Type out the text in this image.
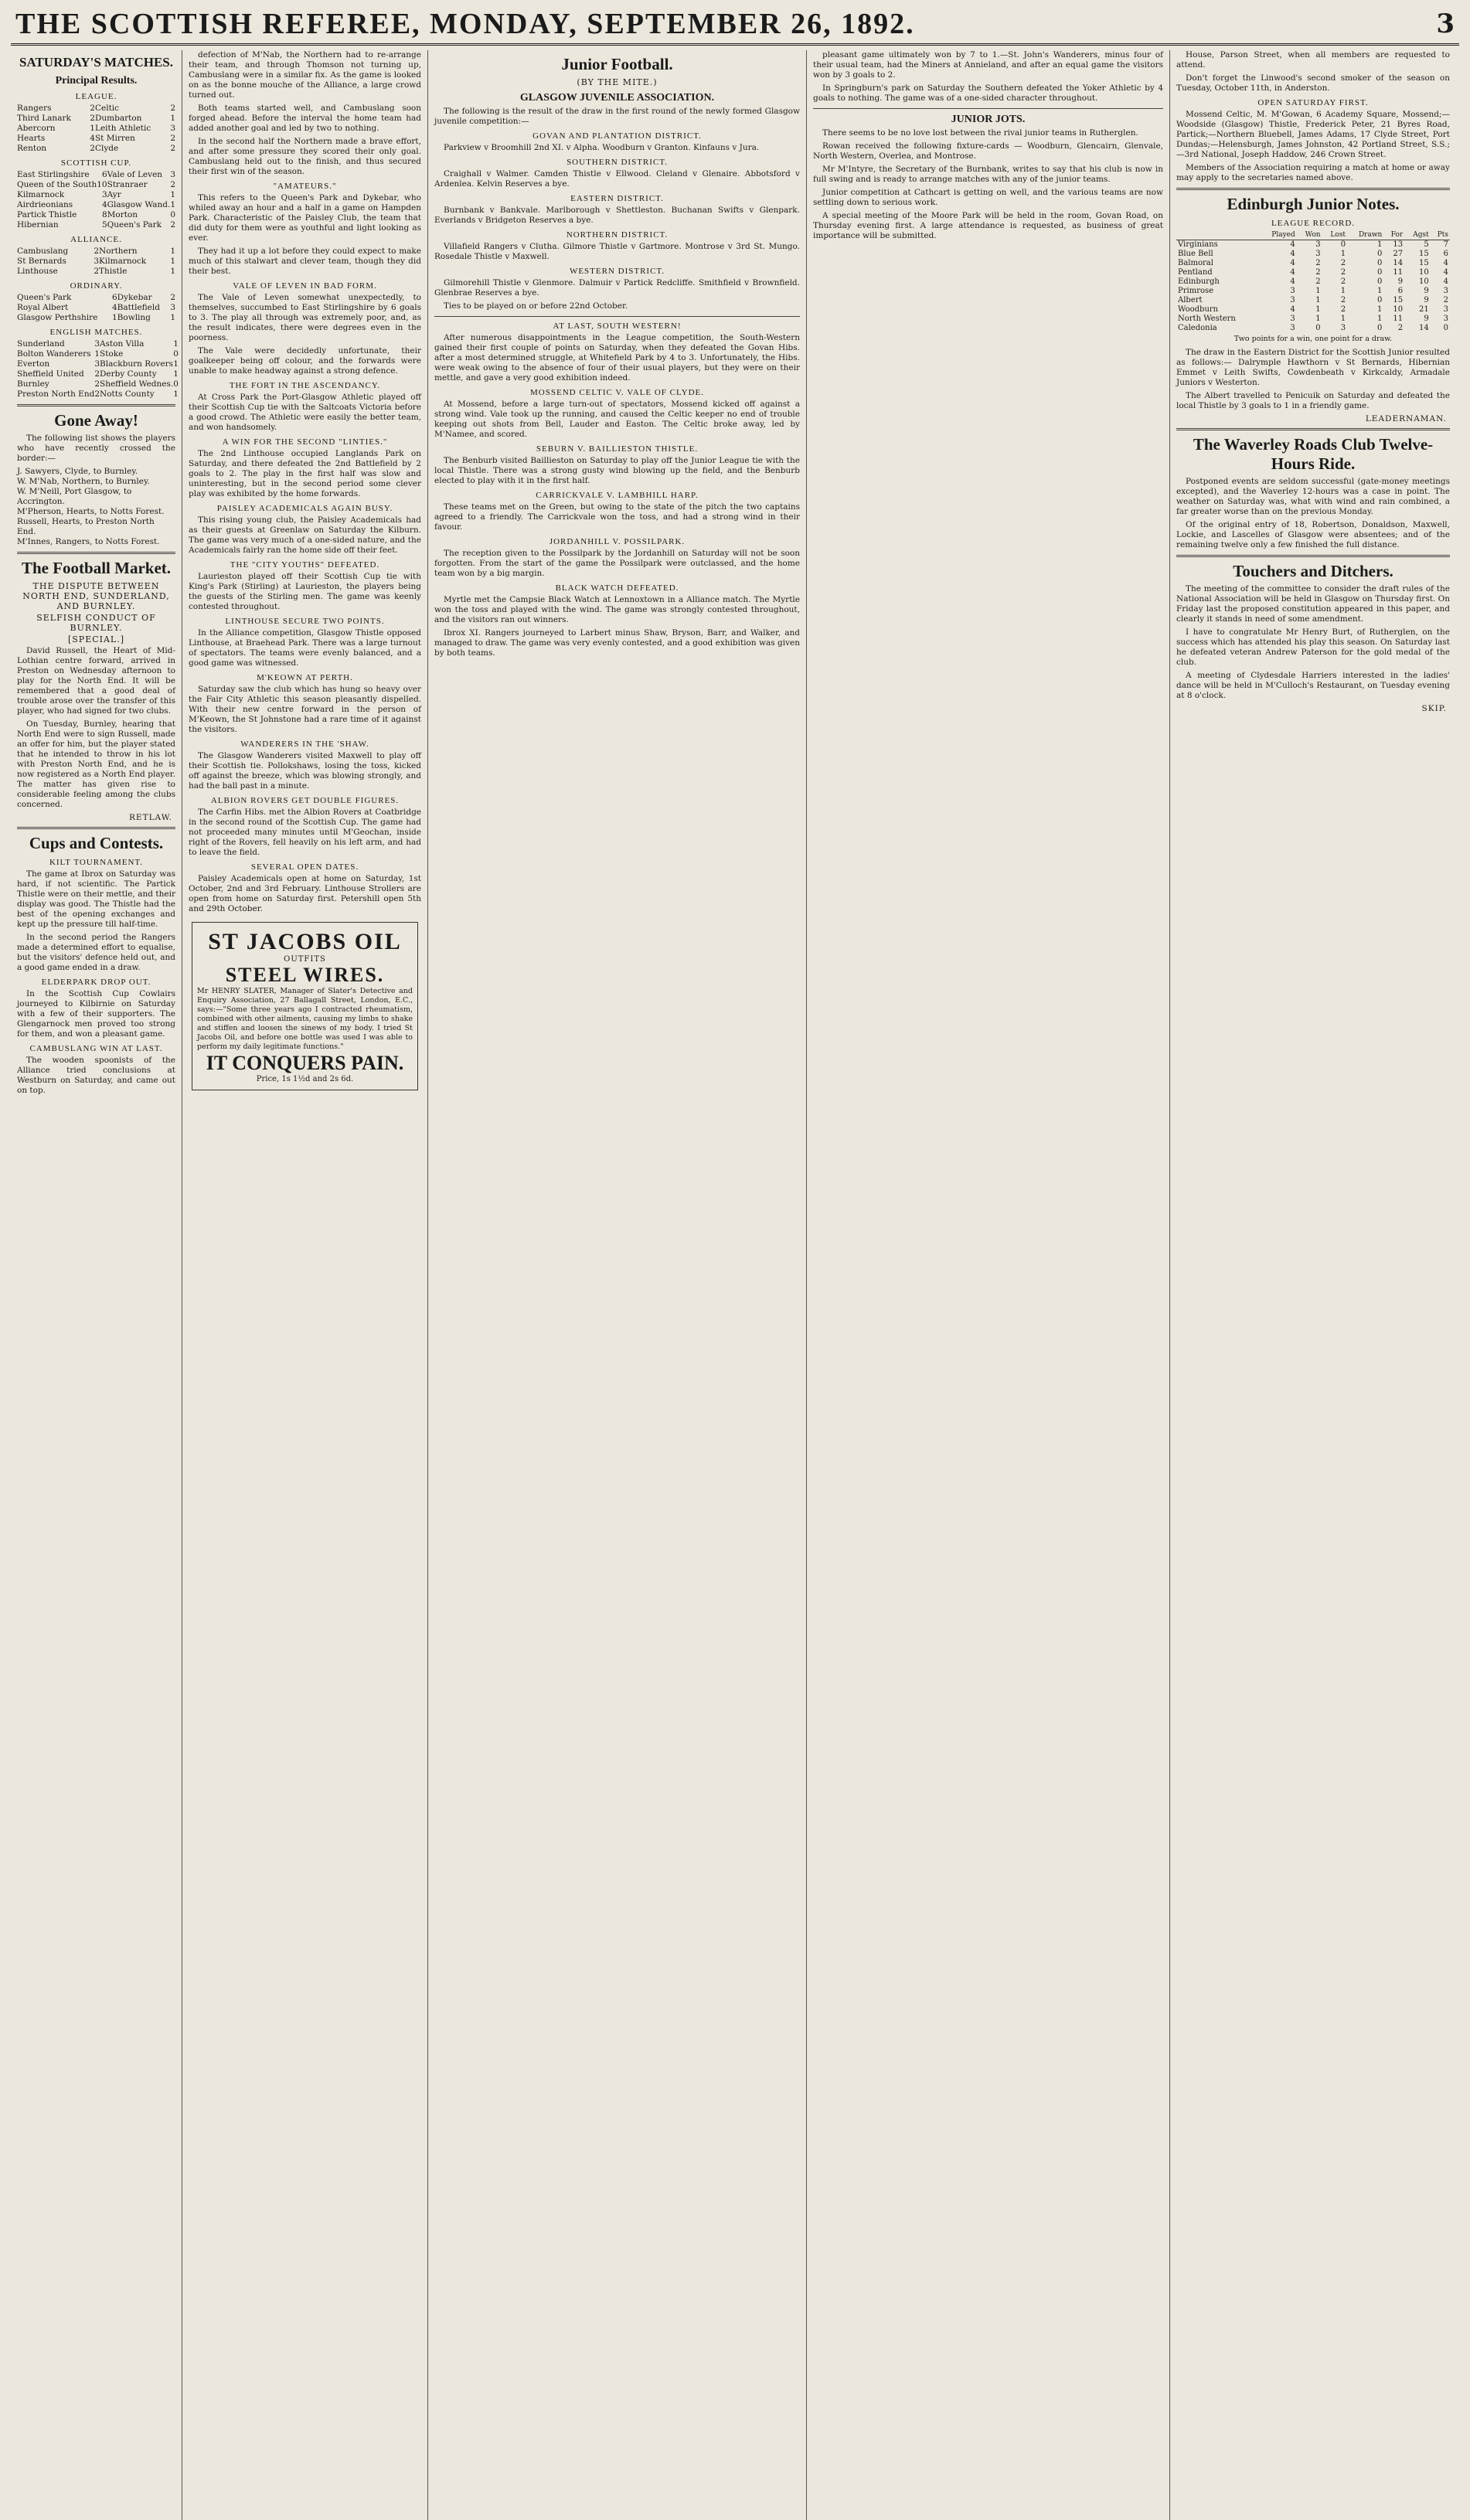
THE SCOTTISH REFEREE, MONDAY, SEPTEMBER 26, 1892.	3
SATURDAY'S MATCHES.
Principal Results.
LEAGUE.
Rangers	2	Celtic	2
Third Lanark	2	Dumbarton	1
Abercorn	1	Leith Athletic	3
Hearts	4	St Mirren	2
Renton	2	Clyde	2
SCOTTISH CUP.
East Stirlingshire	6	Vale of Leven	3
Queen of the South	10	Stranraer	2
Kilmarnock	3	Ayr	1
Airdrieonians	4	Glasgow Wand.	1
Partick Thistle	8	Morton	0
Hibernian	5	Queen's Park	2
ALLIANCE.
Cambuslang	2	Northern	1
St Bernards	3	Kilmarnock	1
Linthouse	2	Thistle	1
ORDINARY.
Queen's Park	6	Dykebar	2
Royal Albert	4	Battlefield	3
Glasgow Perthshire	1	Bowling	1
ENGLISH MATCHES.
Sunderland	3	Aston Villa	1
Bolton Wanderers	1	Stoke	0
Everton	3	Blackburn Rovers	1
Sheffield United	2	Derby County	1
Burnley	2	Sheffield Wednes.	0
Preston North End	2	Notts County	1
Gone Away!

The following list shows the players who have recently crossed the border:—

J. Sawyers, Clyde, to Burnley.
W. M'Nab, Northern, to Burnley.
W. M'Neill, Port Glasgow, to Accrington.
M'Pherson, Hearts, to Notts Forest.
Russell, Hearts, to Preston North End.
M'Innes, Rangers, to Notts Forest.
The Football Market.
THE DISPUTE BETWEEN NORTH END, SUNDERLAND, AND BURNLEY.
SELFISH CONDUCT OF BURNLEY.
[SPECIAL.]

David Russell, the Heart of Mid-Lothian centre forward, arrived in Preston on Wednesday afternoon to play for the North End. It will be remembered that a good deal of trouble arose over the transfer of this player, who had signed for two clubs.

On Tuesday, Burnley, hearing that North End were to sign Russell, made an offer for him, but the player stated that he intended to throw in his lot with Preston North End, and he is now registered as a North End player. The matter has given rise to considerable feeling among the clubs concerned.

RETLAW.
Cups and Contests.
KILT TOURNAMENT.

The game at Ibrox on Saturday was hard, if not scientific. The Partick Thistle were on their mettle, and their display was good. The Thistle had the best of the opening exchanges and kept up the pressure till half-time.

In the second period the Rangers made a determined effort to equalise, but the visitors' defence held out, and a good game ended in a draw.

ELDERPARK DROP OUT.

In the Scottish Cup Cowlairs journeyed to Kilbirnie on Saturday with a few of their supporters. The Glengarnock men proved too strong for them, and won a pleasant game.

CAMBUSLANG WIN AT LAST.

The wooden spoonists of the Alliance tried conclusions at Westburn on Saturday, and came out on top.

defection of M'Nab, the Northern had to re-arrange their team, and through Thomson not turning up, Cambuslang were in a similar fix. As the game is looked on as the bonne mouche of the Alliance, a large crowd turned out.

Both teams started well, and Cambuslang soon forged ahead. Before the interval the home team had added another goal and led by two to nothing.

In the second half the Northern made a brave effort, and after some pressure they scored their only goal. Cambuslang held out to the finish, and thus secured their first win of the season.

"AMATEURS."

This refers to the Queen's Park and Dykebar, who whiled away an hour and a half in a game on Hampden Park. Characteristic of the Paisley Club, the team that did duty for them were as youthful and light looking as ever.

They had it up a lot before they could expect to make much of this stalwart and clever team, though they did their best.

VALE OF LEVEN IN BAD FORM.

The Vale of Leven somewhat unexpectedly, to themselves, succumbed to East Stirlingshire by 6 goals to 3. The play all through was extremely poor, and, as the result indicates, there were degrees even in the poorness.

The Vale were decidedly unfortunate, their goalkeeper being off colour, and the forwards were unable to make headway against a strong defence.

THE FORT IN THE ASCENDANCY.

At Cross Park the Port-Glasgow Athletic played off their Scottish Cup tie with the Saltcoats Victoria before a good crowd. The Athletic were easily the better team, and won handsomely.

A WIN FOR THE SECOND "LINTIES."

The 2nd Linthouse occupied Langlands Park on Saturday, and there defeated the 2nd Battlefield by 2 goals to 2. The play in the first half was slow and uninteresting, but in the second period some clever play was exhibited by the home forwards.

PAISLEY ACADEMICALS AGAIN BUSY.

This rising young club, the Paisley Academicals had as their guests at Greenlaw on Saturday the Kilburn. The game was very much of a one-sided nature, and the Academicals fairly ran the home side off their feet.

THE "CITY YOUTHS" DEFEATED.

Laurieston played off their Scottish Cup tie with King's Park (Stirling) at Laurieston, the players being the guests of the Stirling men. The game was keenly contested throughout.

LINTHOUSE SECURE TWO POINTS.

In the Alliance competition, Glasgow Thistle opposed Linthouse, at Braehead Park. There was a large turnout of spectators. The teams were evenly balanced, and a good game was witnessed.

M'KEOWN AT PERTH.

Saturday saw the club which has hung so heavy over the Fair City Athletic this season pleasantly dispelled. With their new centre forward in the person of M'Keown, the St Johnstone had a rare time of it against the visitors.

WANDERERS IN THE 'SHAW.

The Glasgow Wanderers visited Maxwell to play off their Scottish tie. Pollokshaws, losing the toss, kicked off against the breeze, which was blowing strongly, and had the ball past in a minute.

ALBION ROVERS GET DOUBLE FIGURES.

The Carfin Hibs. met the Albion Rovers at Coatbridge in the second round of the Scottish Cup. The game had not proceeded many minutes until M'Geochan, inside right of the Rovers, fell heavily on his left arm, and had to leave the field.

SEVERAL OPEN DATES.

Paisley Academicals open at home on Saturday, 1st October, 2nd and 3rd February. Linthouse Strollers are open from home on Saturday first. Petershill open 5th and 29th October.

ST JACOBS OIL
OUTFITS
STEEL WIRES.
Mr HENRY SLATER, Manager of Slater's Detective and Enquiry Association, 27 Ballagall Street, London, E.C., says:—"Some three years ago I contracted rheumatism, combined with other ailments, causing my limbs to shake and stiffen and loosen the sinews of my body. I tried St Jacobs Oil, and before one bottle was used I was able to perform my daily legitimate functions."
IT CONQUERS PAIN.
Price, 1s 1½d and 2s 6d.
Junior Football.
(BY THE MITE.)
GLASGOW JUVENILE ASSOCIATION.

The following is the result of the draw in the first round of the newly formed Glasgow juvenile competition:—

GOVAN AND PLANTATION DISTRICT.

Parkview v Broomhill 2nd XI. v Alpha. Woodburn v Granton. Kinfauns v Jura.

SOUTHERN DISTRICT.

Craighall v Walmer. Camden Thistle v Ellwood. Cleland v Glenaire. Abbotsford v Ardenlea. Kelvin Reserves a bye.

EASTERN DISTRICT.

Burnbank v Bankvale. Marlborough v Shettleston. Buchanan Swifts v Glenpark. Everlands v Bridgeton Reserves a bye.

NORTHERN DISTRICT.

Villafield Rangers v Clutha. Gilmore Thistle v Gartmore. Montrose v 3rd St. Mungo. Rosedale Thistle v Maxwell.

WESTERN DISTRICT.

Gilmorehill Thistle v Glenmore. Dalmuir v Partick Redcliffe. Smithfield v Brownfield. Glenbrae Reserves a bye.

Ties to be played on or before 22nd October.

AT LAST, SOUTH WESTERN!

After numerous disappointments in the League competition, the South-Western gained their first couple of points on Saturday, when they defeated the Govan Hibs. after a most determined struggle, at Whitefield Park by 4 to 3. Unfortunately, the Hibs. were weak owing to the absence of four of their usual players, but they were on their mettle, and gave a very good exhibition indeed.

MOSSEND CELTIC V. VALE OF CLYDE.

At Mossend, before a large turn-out of spectators, Mossend kicked off against a strong wind. Vale took up the running, and caused the Celtic keeper no end of trouble keeping out shots from Bell, Lauder and Easton. The Celtic broke away, led by M'Namee, and scored.

SEBURN V. BAILLIESTON THISTLE.

The Benburb visited Baillieston on Saturday to play off the Junior League tie with the local Thistle. There was a strong gusty wind blowing up the field, and the Benburb elected to play with it in the first half.

CARRICKVALE V. LAMBHILL HARP.

These teams met on the Green, but owing to the state of the pitch the two captains agreed to a friendly. The Carrickvale won the toss, and had a strong wind in their favour.

JORDANHILL V. POSSILPARK.

The reception given to the Possilpark by the Jordanhill on Saturday will not be soon forgotten. From the start of the game the Possilpark were outclassed, and the home team won by a big margin.

BLACK WATCH DEFEATED.

Myrtle met the Campsie Black Watch at Lennoxtown in a Alliance match. The Myrtle won the toss and played with the wind. The game was strongly contested throughout, and the visitors ran out winners.

Ibrox XI. Rangers journeyed to Larbert minus Shaw, Bryson, Barr, and Walker, and managed to draw. The game was very evenly contested, and a good exhibition was given by both teams.

pleasant game ultimately won by 7 to 1.—St. John's Wanderers, minus four of their usual team, had the Miners at Annieland, and after an equal game the visitors won by 3 goals to 2.

In Springburn's park on Saturday the Southern defeated the Yoker Athletic by 4 goals to nothing. The game was of a one-sided character throughout.

JUNIOR JOTS.

There seems to be no love lost between the rival junior teams in Rutherglen.

Rowan received the following fixture-cards — Woodburn, Glencairn, Glenvale, North Western, Overlea, and Montrose.

Mr M'Intyre, the Secretary of the Burnbank, writes to say that his club is now in full swing and is ready to arrange matches with any of the junior teams.

Junior competition at Cathcart is getting on well, and the various teams are now settling down to serious work.

A special meeting of the Moore Park will be held in the room, Govan Road, on Thursday evening first. A large attendance is requested, as business of great importance will be submitted.

House, Parson Street, when all members are requested to attend.

Don't forget the Linwood's second smoker of the season on Tuesday, October 11th, in Anderston.

OPEN SATURDAY FIRST.

Mossend Celtic, M. M'Gowan, 6 Academy Square, Mossend;—Woodside (Glasgow) Thistle, Frederick Peter, 21 Byres Road, Partick;—Northern Bluebell, James Adams, 17 Clyde Street, Port Dundas;—Helensburgh, James Johnston, 42 Portland Street, S.S.;—3rd National, Joseph Haddow, 246 Crown Street.

Members of the Association requiring a match at home or away may apply to the secretaries named above.

Edinburgh Junior Notes.
LEAGUE RECORD.
	Played	Won	Lost	Drawn	For	Agst	Pts
Virginians	4	3	0	1	13	5	7
Blue Bell	4	3	1	0	27	15	6
Balmoral	4	2	2	0	14	15	4
Pentland	4	2	2	0	11	10	4
Edinburgh	4	2	2	0	9	10	4
Primrose	3	1	1	1	6	9	3
Albert	3	1	2	0	15	9	2
Woodburn	4	1	2	1	10	21	3
North Western	3	1	1	1	11	9	3
Caledonia	3	0	3	0	2	14	0
Two points for a win, one point for a draw.

The draw in the Eastern District for the Scottish Junior resulted as follows:— Dalrymple Hawthorn v St Bernards, Hibernian Emmet v Leith Swifts, Cowdenbeath v Kirkcaldy, Armadale Juniors v Westerton.

The Albert travelled to Penicuik on Saturday and defeated the local Thistle by 3 goals to 1 in a friendly game.

LEADERNAMAN.
The Waverley Roads Club Twelve-Hours Ride.

Postponed events are seldom successful (gate-money meetings excepted), and the Waverley 12-hours was a case in point. The weather on Saturday was, what with wind and rain combined, a far greater worse than on the previous Monday.

Of the original entry of 18, Robertson, Donaldson, Maxwell, Lockie, and Lascelles of Glasgow were absentees; and of the remaining twelve only a few finished the full distance.

Touchers and Ditchers.

The meeting of the committee to consider the draft rules of the National Association will be held in Glasgow on Thursday first. On Friday last the proposed constitution appeared in this paper, and clearly it stands in need of some amendment.

I have to congratulate Mr Henry Burt, of Rutherglen, on the success which has attended his play this season. On Saturday last he defeated veteran Andrew Paterson for the gold medal of the club.

A meeting of Clydesdale Harriers interested in the ladies' dance will be held in M'Culloch's Restaurant, on Tuesday evening at 8 o'clock.

SKIP.
